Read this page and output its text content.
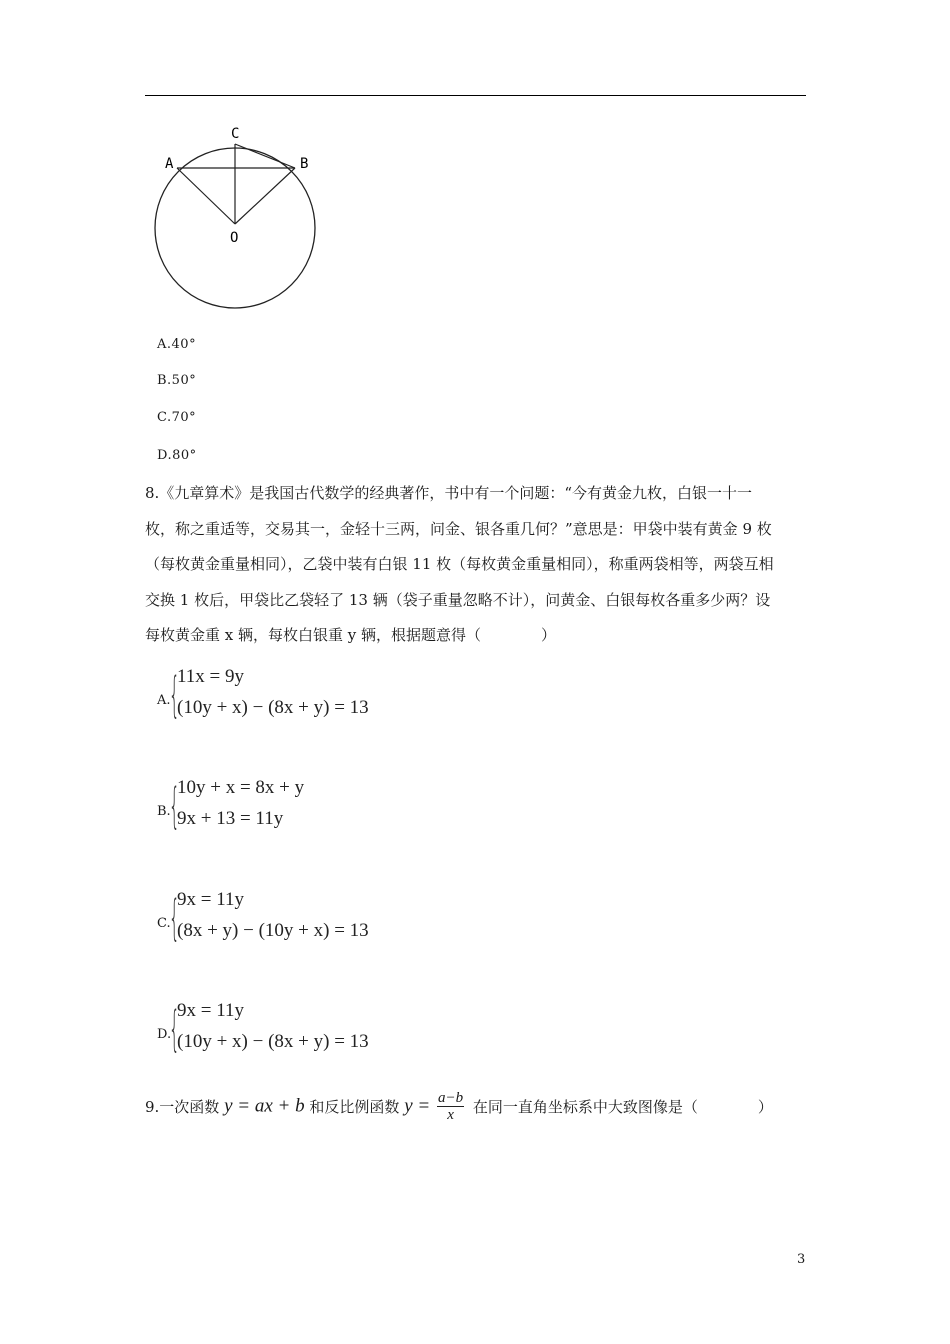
C
A	B
O
A.40°
B.50°
C.70°
D.80°
8.《九章算术》是我国古代数学的经典著作，书中有一个问题：“今有黄金九枚，白银一十一
枚，称之重适等，交易其一，金轻十三两，问金、银各重几何？”意思是：甲袋中装有黄金 9 枚
（每枚黄金重量相同），乙袋中装有白银 11 枚（每枚黄金重量相同），称重两袋相等，两袋互相
交换 1 枚后，甲袋比乙袋轻了 13 辆（袋子重量忽略不计），问黄金、白银每枚各重多少两？设
每枚黄金重 x 辆，每枚白银重 y 辆，根据题意得（　　　　）
A.
{
11x = 9y
(10y + x) − (8x + y) = 13
B.
{
10y + x = 8x + y
9x + 13 = 11y
C.
{
9x = 11y
(8x + y) − (10y + x) = 13
D.
{
9x = 11y
(10y + x) − (8x + y) = 13
9.一次函数 y = ax + b 和反比例函数 $y = \frac{a-b}{x}$ 在同一直角坐标系中大致图像是（　　　　）
3
